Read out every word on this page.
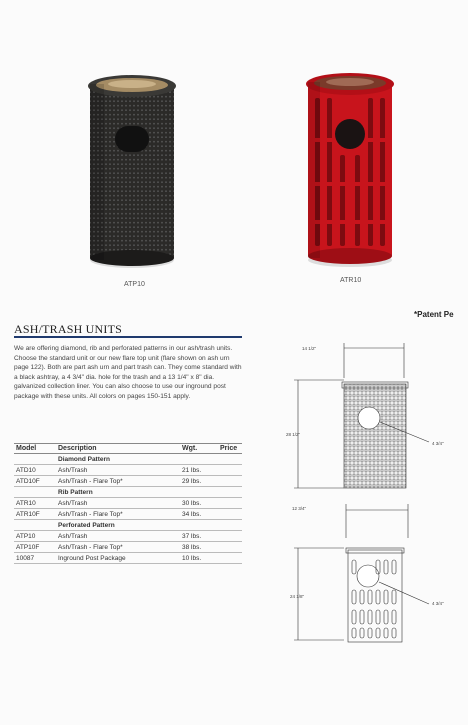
ATP10
ATR10
*Patent Pe
ASH/TRASH UNITS
We are offering diamond, rib and perforated patterns in our ash/trash units. Choose the standard unit or our new flare top unit (flare shown on ash urn page 122). Both are part ash urn and part trash can. They come standard with a black ashtray, a 4 3/4" dia. hole for the trash and a 13 1/4" x 8" dia. galvanized collection liner. You can also choose to use our inground post package with these units. All colors on pages 150-151 apply.
Model	Description	Wgt.	Price
	Diamond Pattern		
ATD10	Ash/Trash	21 lbs.	
ATD10F	Ash/Trash - Flare Top*	29 lbs.	
	Rib Pattern		
ATR10	Ash/Trash	30 lbs.	
ATR10F	Ash/Trash - Flare Top*	34 lbs.	
	Perforated Pattern		
ATP10	Ash/Trash	37 lbs.	
ATP10F	Ash/Trash - Flare Top*	38 lbs.	
10087	Inground Post Package	10 lbs.	
14 1/2"
28 1/2"
4 3/4"
12 3/4"
24 1/8"
4 3/4"
